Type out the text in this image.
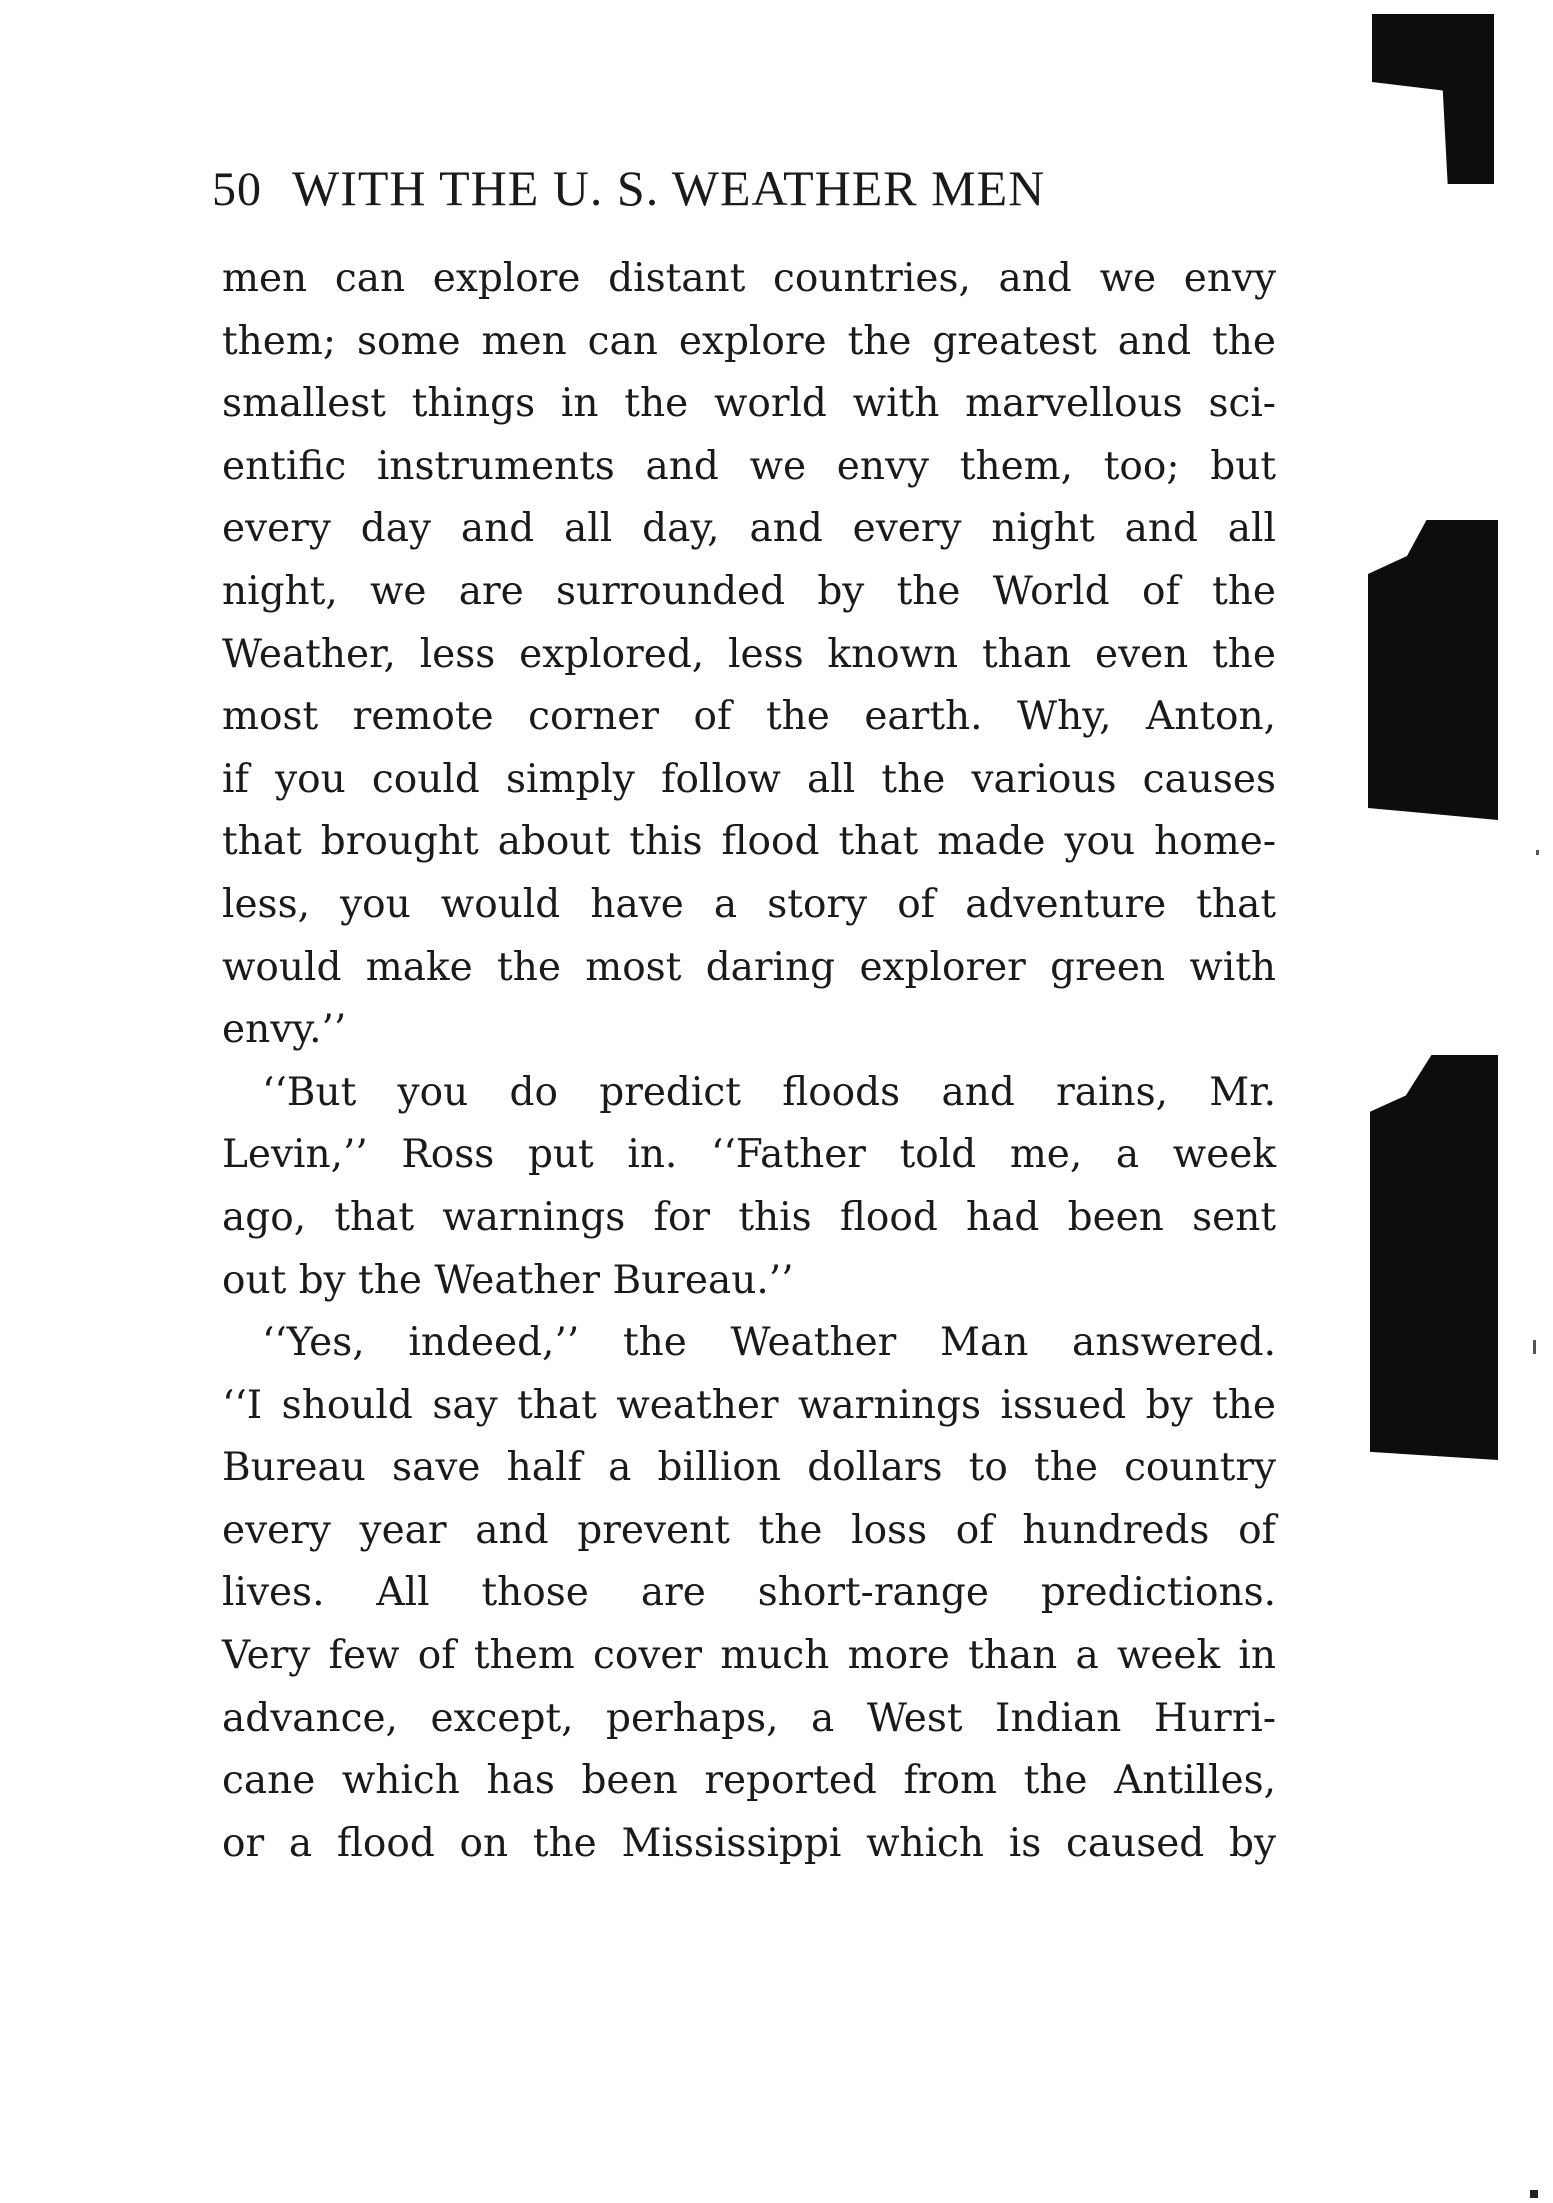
50 WITH THE U. S. WEATHER MEN
men can explore distant countries, and we envy
them; some men can explore the greatest and the
smallest things in the world with marvellous sci-
entific instruments and we envy them, too; but
every day and all day, and every night and all
night, we are surrounded by the World of the
Weather, less explored, less known than even the
most remote corner of the earth. Why, Anton,
if you could simply follow all the various causes
that brought about this flood that made you home-
less, you would have a story of adventure that
would make the most daring explorer green with
envy.’’
‘‘But you do predict floods and rains, Mr.
Levin,’’ Ross put in. ‘‘Father told me, a week
ago, that warnings for this flood had been sent
out by the Weather Bureau.’’
‘‘Yes, indeed,’’ the Weather Man answered.
‘‘I should say that weather warnings issued by the
Bureau save half a billion dollars to the country
every year and prevent the loss of hundreds of
lives. All those are short-range predictions.
Very few of them cover much more than a week in
advance, except, perhaps, a West Indian Hurri-
cane which has been reported from the Antilles,
or a flood on the Mississippi which is caused by
